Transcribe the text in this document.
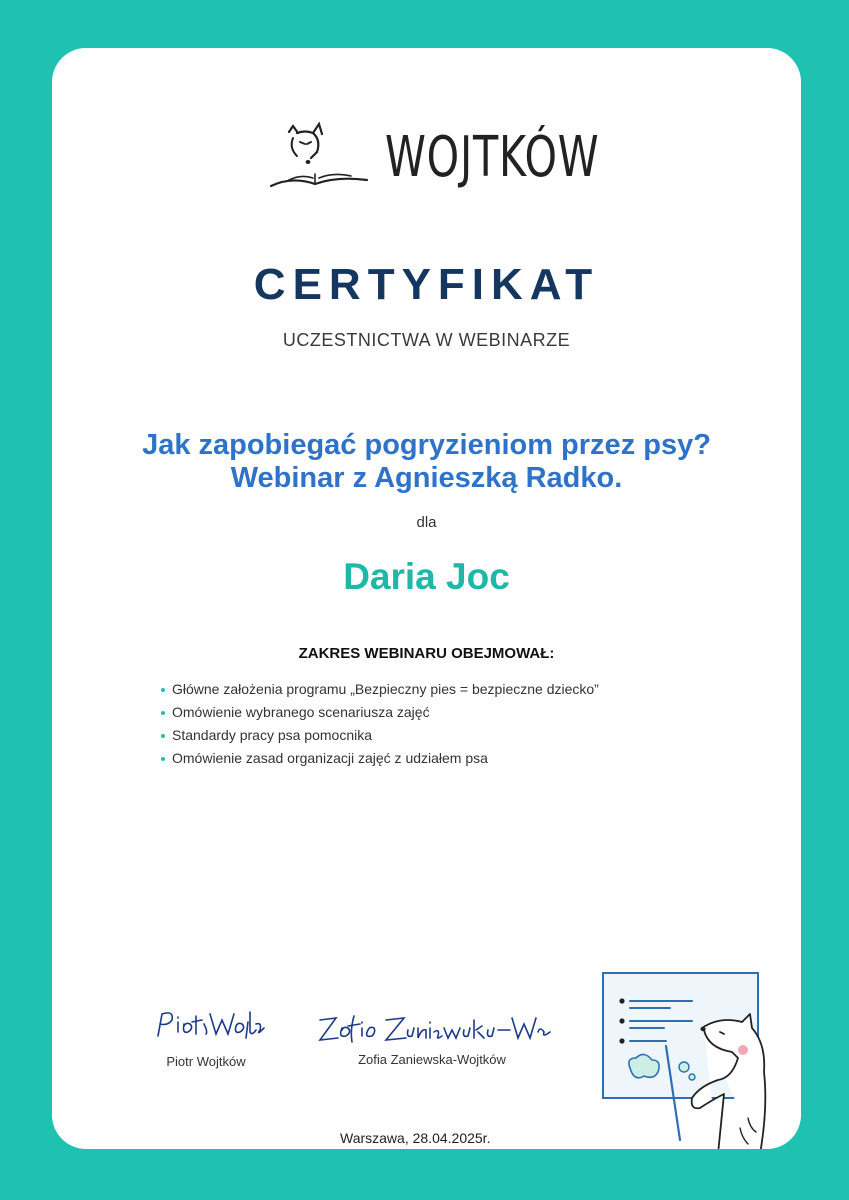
WOJTKÓW
CERTYFIKAT
UCZESTNICTWA W WEBINARZE
Jak zapobiegać pogryzieniom przez psy? Webinar z Agnieszką Radko.
dla
Daria Joc
ZAKRES WEBINARU OBEJMOWAŁ:
Główne założenia programu „Bezpieczny pies = bezpieczne dziecko”
Omówienie wybranego scenariusza zajęć
Standardy pracy psa pomocnika
Omówienie zasad organizacji zajęć z udziałem psa
Piotr Wojtków	Zofia Zaniewska-Wojtków
Warszawa, 28.04.2025r.
